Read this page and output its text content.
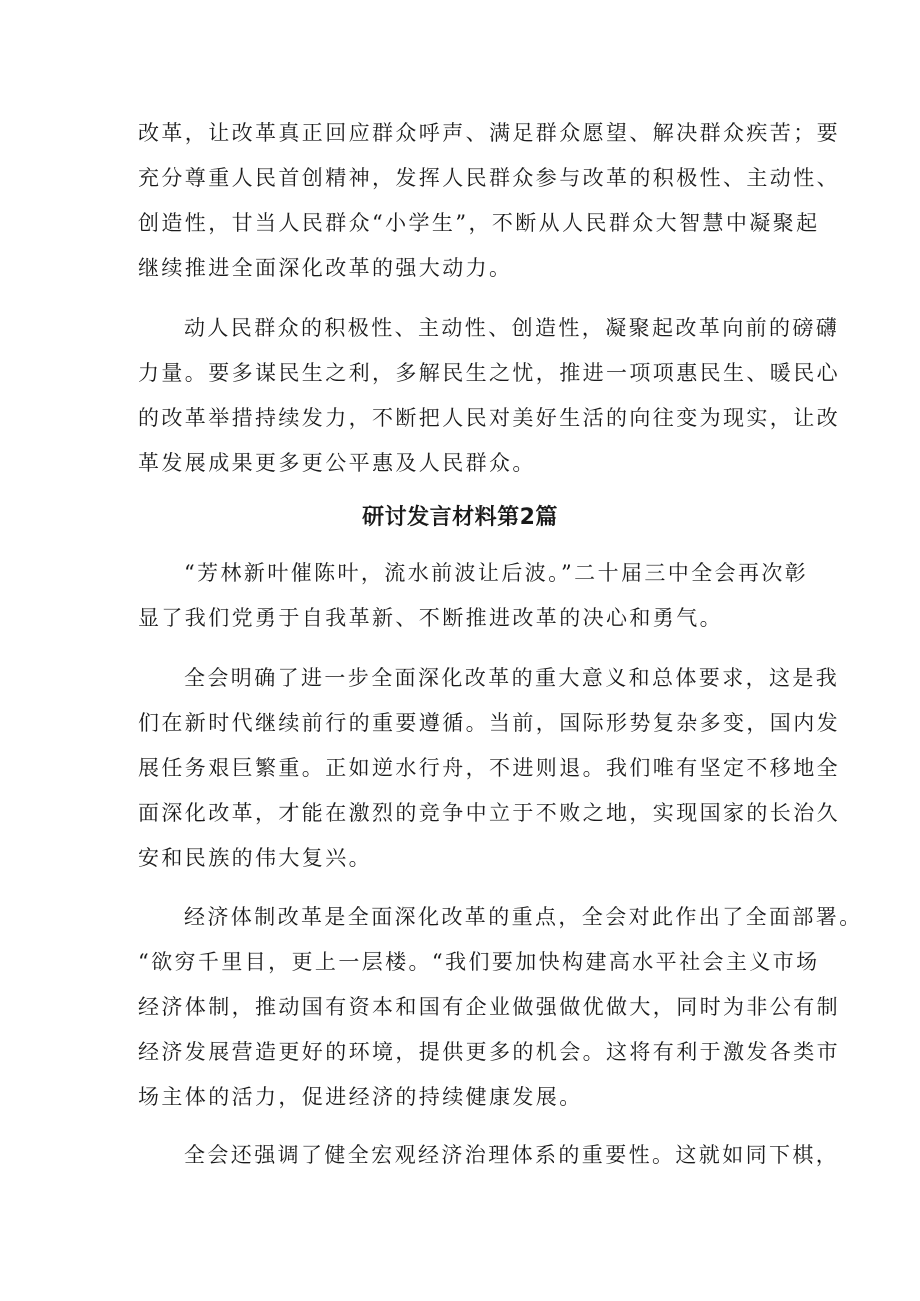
改革，让改革真正回应群众呼声、满足群众愿望、解决群众疾苦；要

充分尊重人民首创精神，发挥人民群众参与改革的积极性、主动性、

创造性，甘当人民群众“小学生”，不断从人民群众大智慧中凝聚起

继续推进全面深化改革的强大动力。

动人民群众的积极性、主动性、创造性，凝聚起改革向前的磅礴

力量。要多谋民生之利，多解民生之忧，推进一项项惠民生、暖民心

的改革举措持续发力，不断把人民对美好生活的向往变为现实，让改

革发展成果更多更公平惠及人民群众。

研讨发言材料第2篇

“芳林新叶催陈叶，流水前波让后波。”二十届三中全会再次彰

显了我们党勇于自我革新、不断推进改革的决心和勇气。

全会明确了进一步全面深化改革的重大意义和总体要求，这是我

们在新时代继续前行的重要遵循。当前，国际形势复杂多变，国内发

展任务艰巨繁重。正如逆水行舟，不进则退。我们唯有坚定不移地全

面深化改革，才能在激烈的竞争中立于不败之地，实现国家的长治久

安和民族的伟大复兴。

经济体制改革是全面深化改革的重点，全会对此作出了全面部署。

“欲穷千里目，更上一层楼。“我们要加快构建高水平社会主义市场

经济体制，推动国有资本和国有企业做强做优做大，同时为非公有制

经济发展营造更好的环境，提供更多的机会。这将有利于激发各类市

场主体的活力，促进经济的持续健康发展。

全会还强调了健全宏观经济治理体系的重要性。这就如同下棋，
